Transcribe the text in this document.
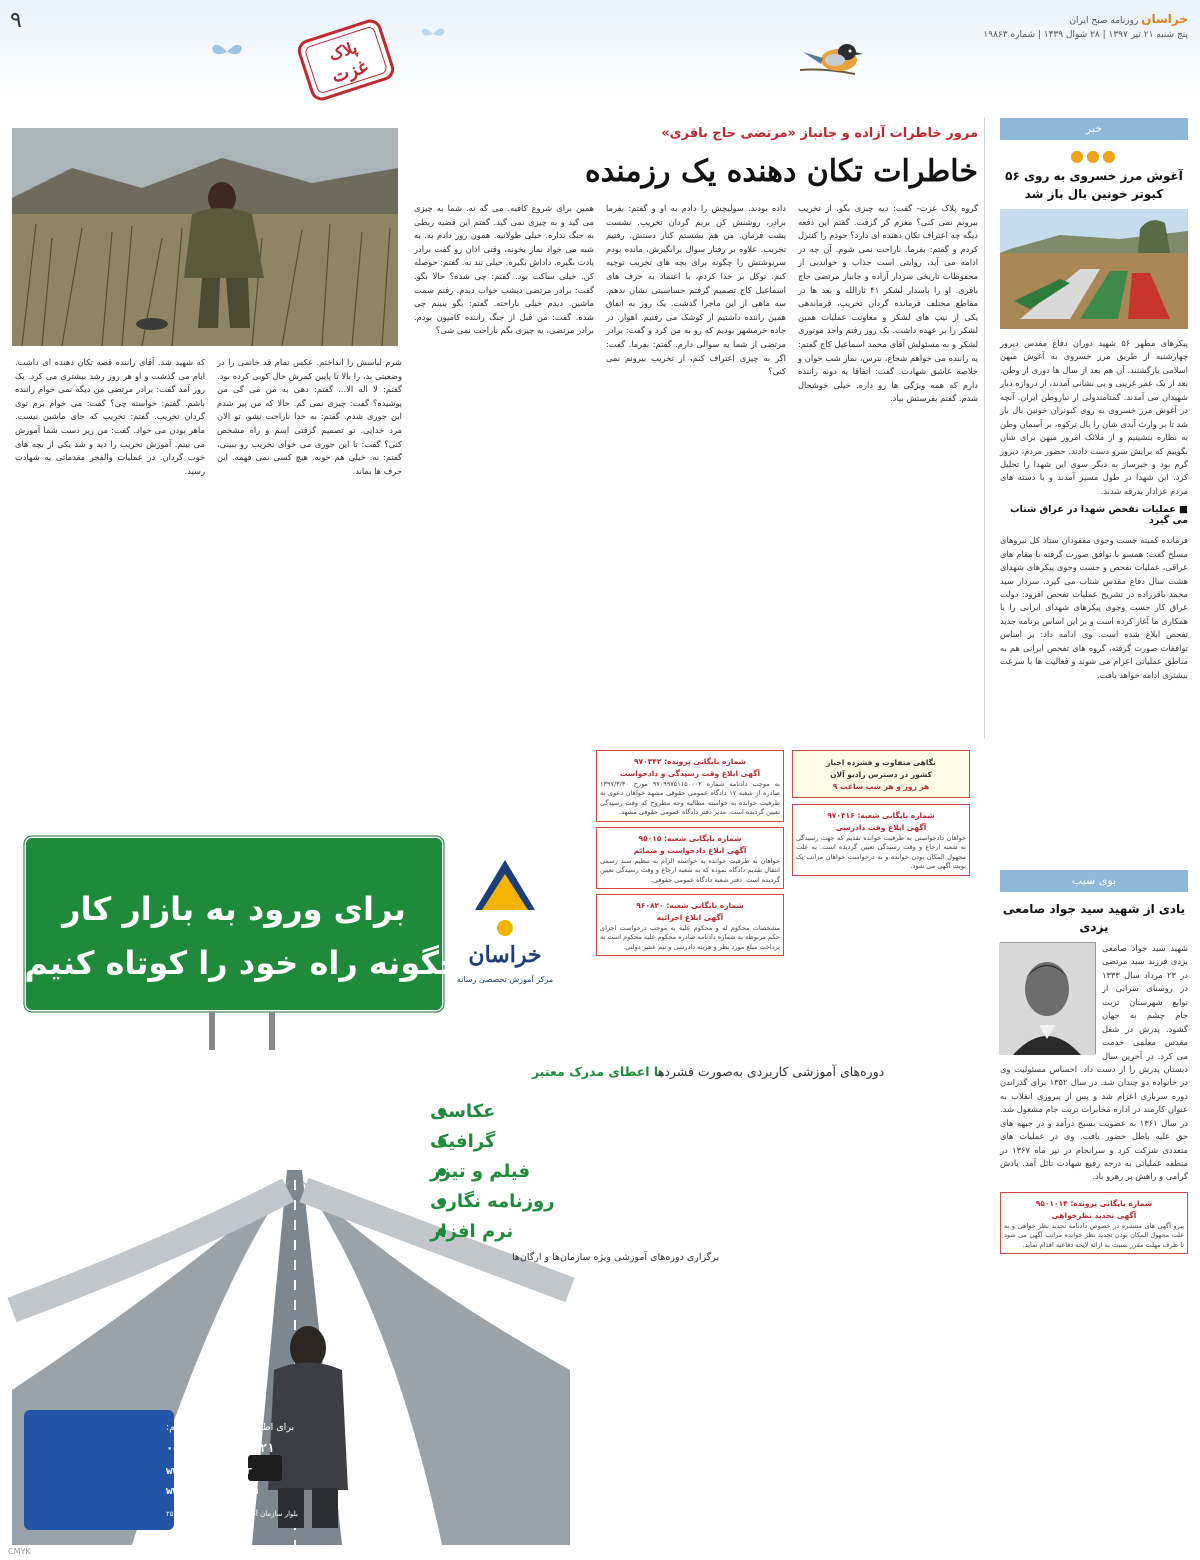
۹	خراسان روزنامه صبح ایران
پنج شنبه ۲۱ تیر ۱۳۹۷ | ۲۸ شوال ۱۴۳۹ | شماره ۱۹۸۶۳
پلاک
غزت
خبر
●●●
آغوش مرز خسروی به روی ۵۶ کبوتر خونین بال باز شد
پیکرهای مطهر ۵۶ شهید دوران دفاع مقدس دیروز چهارشنبه از طریق مرز خسروی به آغوش میهن اسلامی بازگشتند. آن هم بعد از سال ها دوری از وطن. بعد از یک عمر غریبی و بی نشانی آمدند، از دروازه دیار شهیدان می آمدند. گمنامندولی از تباروطن ایران. آنچه در آغوش مرز خسروی به روی کبوتران خونین بال باز شد تا بر وارث آبدی شان را بال ترکوه، بر آسمان وطن به نظاره بنشینیم و از ملائک امروز میهن برای شان بگوییم که برایش سرو دست دادند. حضور مردم، دیروز گرم بود و خبرساز به دیگر سوی این شهدا را تجلیل کرد. این شهدا در طول مسیر آمدند و با دسته های مردم عزادار بدرقه شدند.
■ عملیات تفحص شهدا در عراق شتاب می گیرد
فرمانده کمیته جست وجوی مفقودان ستاد کل نیروهای مسلح گفت: همسو با توافق صورت گرفته با مقام های عراقی، عملیات تفحص و جست وجوی پیکرهای شهدای هشت سال دفاع مقدس شتاب می گیرد. سردار سید محمد باقرزاده در تشریح عملیات تفحص افزود: دولت عراق کار جست وجوی پیکرهای شهدای ایرانی را با همکاری ما آغاز کرده است و بر این اساس برنامه جدید تفحص ابلاغ شده است. وی ادامه داد: بر اساس توافقات صورت گرفته، گروه های تفحص ایرانی هم به مناطق عملیاتی اعزام می شوند و فعالیت ها با سرعت بیشتری ادامه خواهد یافت.
مرور خاطرات آزاده و جانباز «مرتضی حاج باقری»
خاطرات تکان دهنده یک رزمنده
گروه پلاک عزت- گفت: دیه چیزی بگو. از تخریب بیرونم نمی کنی؟ مغزم گر گرفت. گفتم این دفعه دیگه چه اعتراف تکان دهنده ای دارد؟ خودم را کنترل کردم و گفتم: بفرما. ناراحت نمی شوم. آن چه در ادامه می آید، روایتی است جذاب و خواندنی از محفوظات تاریخی سردار آزاده و جانباز مرتضی حاج باقری. او را پاسدار لشکر ۴۱ ثارالله و بعد ها در مقاطع مختلف فرمانده گردان تخریب، فرماندهی یکی از تیپ های لشکر و معاونت عملیات همین لشکر را بر عهده داشت. یک روز رفتم واحد موتوری لشکر و به مسئولش آقای محمد اسماعیل کاج گفتم: یه راننده می خواهم شجاع، نترس، نماز شب خوان و خلاصه عاشق شهادت. گفت: اتفاقا یه دونه راننده دارم که همه ویژگی ها رو داره. خیلی خوشحال شدم. گفتم بفرستش بیاد.
داده بودند. سولیچش را دادم به او و گفتم: بفرما برادر، روشنش کن بریم گردان تخریب. نشست پشت فرمان. من هم نشستم کنار دستش. رفتیم تخریب. علاوه بر رفتار سوال برانگیزش، مانده بودم سرنوشتش را چگونه برای بچه های تخریب توجیه کنم. توکل بر خدا کردم، با اعتماد به حرف های اسماعیل کاج تصمیم گرفتم حساسیتی نشان ندهم. سه ماهی از این ماجرا گذشت. یک روز به اتفاق همین راننده داشتیم از کوشک می رفتیم. اهواز. در جاده خرمشهر بودیم که رو به من کرد و گفت: برادر مرتضی از شما یه سوالی دارم. گفتم: بفرما. گفت: اگر به چیزی اعتراف کنم، از تخریب بیرونم نمی کنی؟
همین برای شروع کافیه. می گه نه. شما به چیزی می گید و به چیزی نمی گید. گفتم این قضیه ربطی به جنگ نداره. خیلی طولانیه. همون روز دادم به. به شبه می خواد نماز بخونه، وقتی اذان رو گفت برادر یادت بگیره. داداش بگیره. خیلی تند نه. گفتم: حوصله کن. خیلی ساکت بود. گفتم: چی شده؟ حالا بگو. گفت: برادر مرتضی دیشب خواب دیدم. رفتم سمت ماشین. دیدم خیلی ناراحته. گفتم: بگو ببینم چی شده. گفت: من قبل از جنگ راننده کامیون بودم. برادر مرتضی، یه چیزی بگم ناراحت نمی شی؟
شرم لباسش را انداختم. عکس تمام قد خانمی را در وضعیتی بد، را بالا تا پایین کمرش حال کوبی کرده بود. گفتم: لا اله الا... گفتم: دهی به من می گی من پوشیده؟ گفت: چیزی نمی گم. حالا که من پیر شدم این جوری شدم. گفتم: به خدا ناراحت نشو، تو الان مرد خدایی. تو تصمیم گرفتی اسم و راه مشخص کنی؟ گفت: تا این جوری می خوای تخریب رو ببینی، گفتم: نه. خیلی هم خوبه. هیچ کسی نمی فهمه. این حرف ها بماند.
که شهید شد. آقای راننده قصه تکان دهنده ای داشت. ایام می گذشت و او هر روز رشد بیشتری می کرد. یک روز آمد گفت: برادر مرتضی من دیگه نمی خوام راننده باشم. گفتم: خواسته چی؟ گفت: می خوام برم توی گردان تخریب. گفتم: تخریب که جای ماشین نیست. ماهر بودن می خواد. گفت: من زیر دست شما آموزش می بینم. آموزش تخریب را دید و شد یکی از بچه های خوب گردان. در عملیات والفجر مقدماتی به شهادت رسید.
برای ورود به بازار کار
چگونه راه خود را کوتاه کنیم؟ خراسان
مرکز آموزش تخصصی رسانه
دوره‌های آموزشی کاربردی به‌صورت فشردهبا اعطای مدرک معتبر
عکاسی
گرافیک
فیلم و تیزر
روزنامه نگاری
نرم افزار
برگزاری دوره‌های آموزشی ویژه سازمان‌ها و ارگان‌ها
برای اطلاع از دوره ها و ثبت نام:
۰۵۱-۳۷۰۰۹۲۲۵-۲۱
www.edu-kh.ir
www.t.me/edukh
بلوار سازمان آب - شهید صادقی ۱۸ - پلاک ۲۵
شماره بایگانی پرونده: ۹۷۰۳۴۲
آگهی ابلاغ وقت رسیدگی و دادخواست
به موجب دادنامه شماره ۹۷۰۹۹۷۵۱۱۵۰۰۰۲ مورخ ۱۳۹۷/۳/۳۰ صادره از شعبه ۱۷ دادگاه عمومی حقوقی مشهد خواهان دعوی به طرفیت خوانده به خواسته مطالبه وجه مطروح که وقت رسیدگی تعیین گردیده است. مدیر دفتر دادگاه عمومی حقوقی مشهد.
شماره بایگانی شعبه: ۹۵۰۱۵
آگهی ابلاغ دادخواست و ضمائم
خواهان به طرفیت خوانده به خواسته الزام به تنظیم سند رسمی انتقال تقدیم دادگاه نموده که به شعبه ارجاع و وقت رسیدگی تعیین گردیده است. دفتر شعبه دادگاه عمومی حقوقی.
شماره بایگانی شعبه: ۹۶۰۸۲۰
آگهی ابلاغ اجرائیه
مشخصات محکوم له و محکوم علیه به موجب درخواست اجرای حکم مربوطه به شماره دادنامه صادره محکوم علیه محکوم است به پرداخت مبلغ مورد نظر و هزینه دادرسی و نیم عشر دولتی.
نگاهی متفاوت و فشرده اخبار
کشور در دسترس رادیو آلان
هر روز و هر شب ساعت ۹
شماره بایگانی شعبه: ۹۷۰۳۱۶
آگهی ابلاغ وقت دادرسی
خواهان دادخواستی به طرفیت خوانده تقدیم که جهت رسیدگی به شعبه ارجاع و وقت رسیدگی تعیین گردیده است. به علت مجهول المکان بودن خوانده و به درخواست خواهان مراتب یک نوبت آگهی می شود.
بوی سیب
یادی از شهید سید جواد صامعی یزدی
شهید سید جواد صامعی یزدی فرزند سید مرتضی در ۲۳ مرداد سال ۱۳۳۳ در روستای سرابی از توابع شهرستان تربت جام چشم به جهان گشود. پدرش در شغل مقدس معلمی خدمت می کرد. در آخرین سال دبستان پدرش را از دست داد. احساس مسئولیت وی در خانواده دو چندان شد. در سال ۱۳۵۲ برای گذراندن دوره سربازی اعزام شد و پس از پیروزی انقلاب به عنوان کارمند در اداره مخابرات تربت جام مشغول شد. در سال ۱۳۶۱ به عضویت بسیج درآمد و در جبهه های حق علیه باطل حضور یافت. وی در عملیات های متعددی شرکت کرد و سرانجام در تیر ماه ۱۳۶۷ در منطقه عملیاتی به درجه رفیع شهادت نائل آمد. یادش گرامی و راهش پر رهرو باد.
شماره بایگانی پرونده: ۹۵۰۱۰۱۴
آگهی تجدید نظرخواهی
پیرو آگهی های منتشره در خصوص دادنامه تجدید نظر خواهی و به علت مجهول المکان بودن تجدید نظر خوانده مراتب آگهی می شود تا ظرف مهلت مقرر نسبت به ارائه لایحه دفاعیه اقدام نماید.
CMYK
